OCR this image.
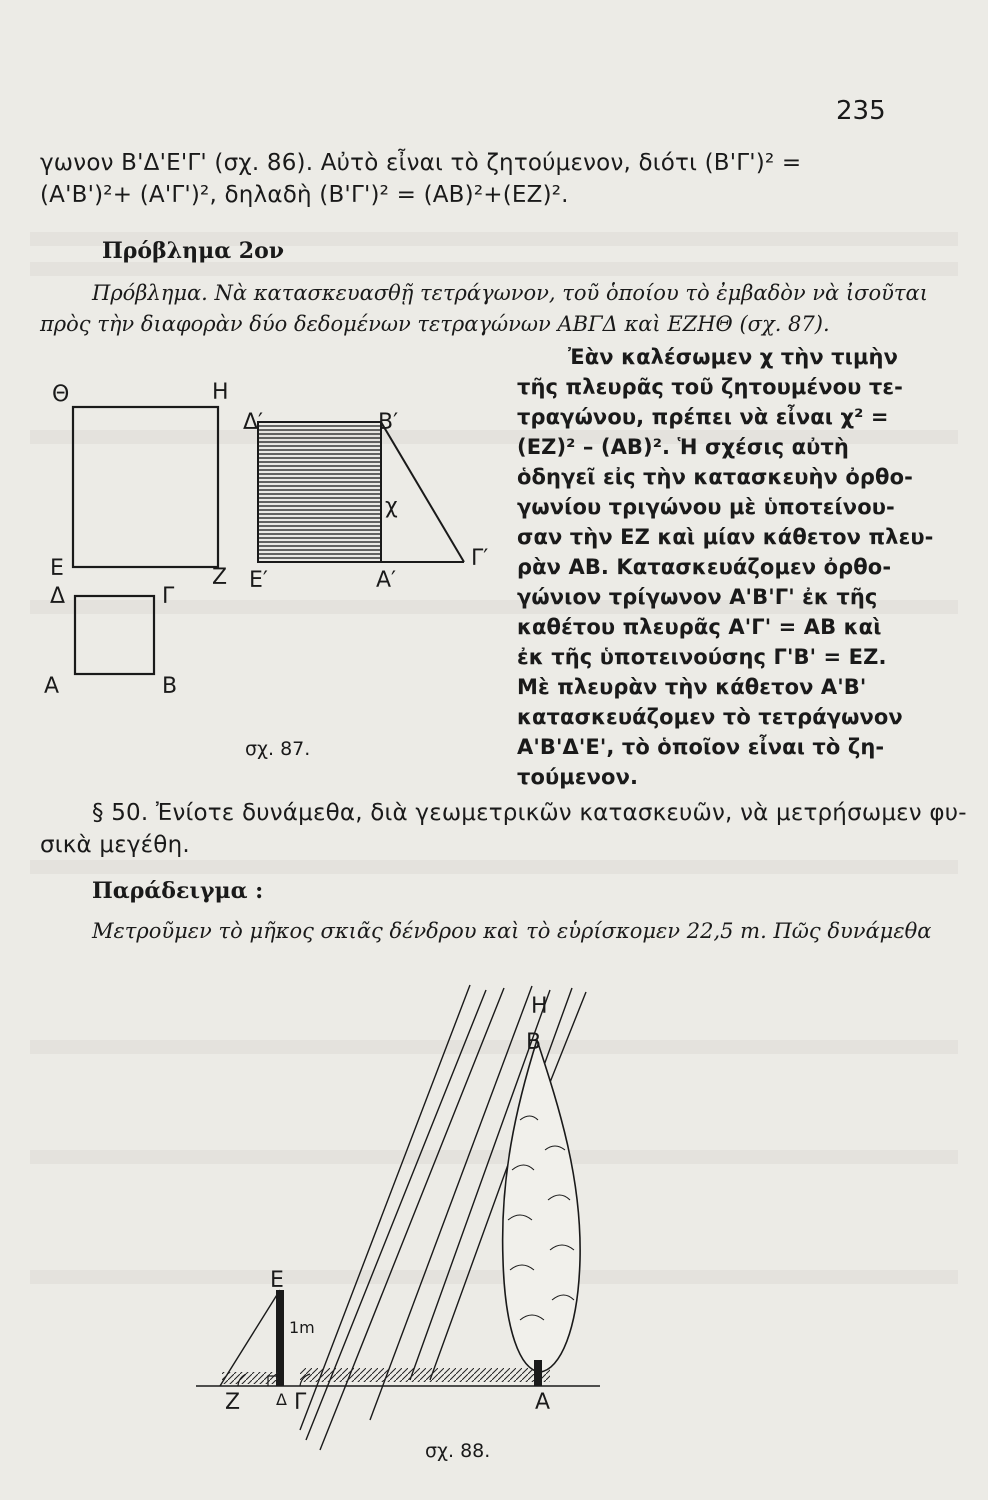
235
γωνον Β'Δ'Ε'Γ' (σχ. 86). Αὐτὸ εἶναι τὸ ζητούμενον, διότι (Β'Γ')² =
(Α'Β')²+ (Α'Γ')², δηλαδὴ (Β'Γ')² = (ΑΒ)²+(ΕΖ)².
Πρόβλημα 2ον
Πρόβλημα. Νὰ κατασκευασθῇ τετράγωνον, τοῦ ὁποίου τὸ ἐμβαδὸν νὰ ἰσοῦται
πρὸς τὴν διαφορὰν δύο δεδομένων τετραγώνων ΑΒΓΔ καὶ ΕΖΗΘ (σχ. 87).
Ἐὰν καλέσωμεν χ τὴν τιμὴν
τῆς πλευρᾶς τοῦ ζητουμένου τε-
τραγώνου, πρέπει νὰ εἶναι χ² =
(ΕΖ)² – (ΑΒ)². Ἡ σχέσις αὐτὴ
ὁδηγεῖ εἰς τὴν κατασκευὴν ὀρθο-
γωνίου τριγώνου μὲ ὑποτείνου-
σαν τὴν ΕΖ καὶ μίαν κάθετον πλευ-
ρὰν ΑΒ. Κατασκευάζομεν ὀρθο-
γώνιον τρίγωνον Α'Β'Γ' ἐκ τῆς
καθέτου πλευρᾶς Α'Γ' = ΑΒ καὶ
ἐκ τῆς ὑποτεινούσης Γ'Β' = ΕΖ.
Μὲ πλευρὰν τὴν κάθετον Α'Β'
κατασκευάζομεν τὸ τετράγωνον
Α'Β'Δ'Ε', τὸ ὁποῖον εἶναι τὸ ζη-
τούμενον.
Θ	Η
Ε	Ζ
Δ	Γ
Α	Β
Δ′	Β′
χ
Ε′	Α′
Γ′
σχ. 87.
§ 50. Ἐνίοτε δυνάμεθα, διὰ γεωμετρικῶν κατασκευῶν, νὰ μετρήσωμεν φυ-
σικὰ μεγέθη.
Παράδειγμα :
Μετροῦμεν τὸ μῆκος σκιᾶς δένδρου καὶ τὸ εὑρίσκομεν 22,5 m. Πῶς δυνάμεθα
Η
Β
Ε
1m
Ζ Δ Γ	Α
σχ. 88.
